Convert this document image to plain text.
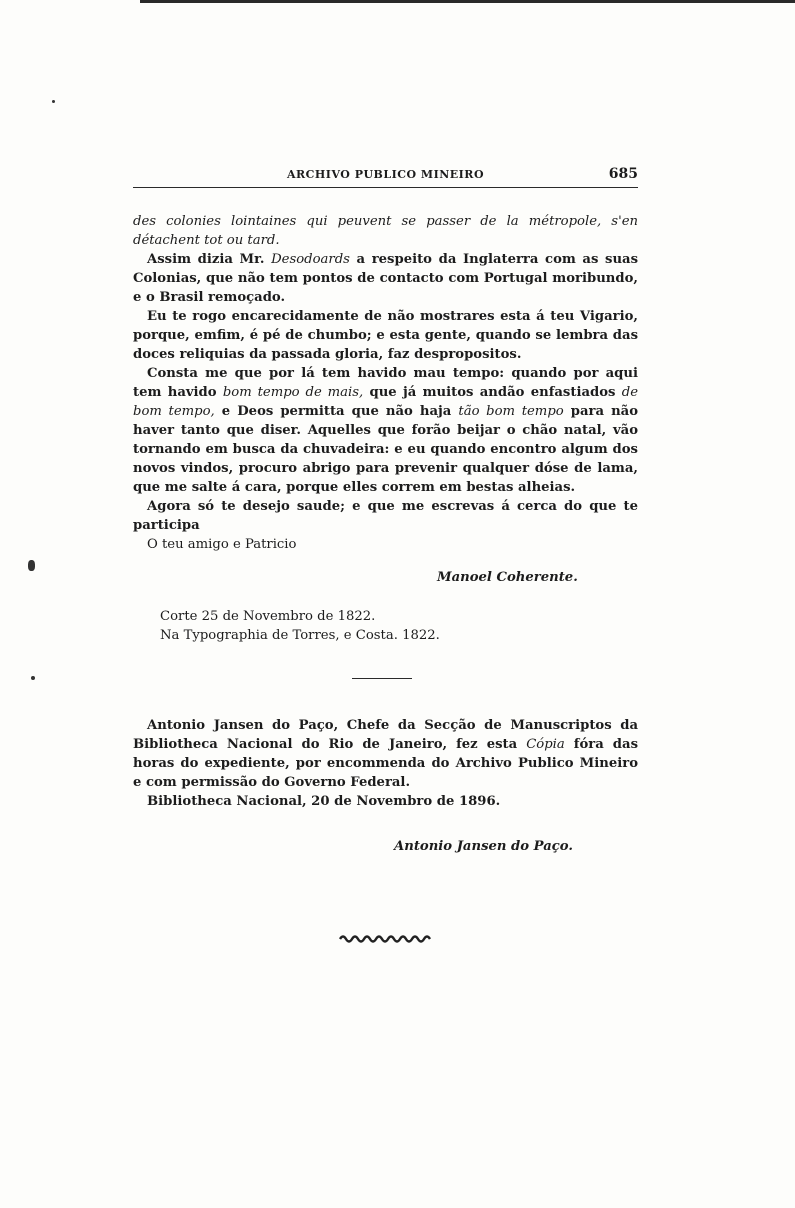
ARCHIVO PUBLICO MINEIRO	685

des colonies lointaines qui peuvent se passer de la métropole, s'en détachent tot ou tard.

Assim dizia Mr. Desodoards a respeito da Inglaterra com as suas Colonias, que não tem pontos de contacto com Portugal moribundo, e o Brasil remoçado.

Eu te rogo encarecidamente de não mostrares esta á teu Vigario, porque, emfim, é pé de chumbo; e esta gente, quando se lembra das doces reliquias da passada gloria, faz despropositos.

Consta me que por lá tem havido mau tempo: quando por aqui tem havido bom tempo de mais, que já muitos andão enfastiados de bom tempo, e Deos permitta que não haja tão bom tempo para não haver tanto que diser. Aquelles que forão beijar o chão natal, vão tornando em busca da chuvadeira: e eu quando encontro algum dos novos vindos, procuro abrigo para prevenir qualquer dóse de lama, que me salte á cara, porque elles correm em bestas alheias.

Agora só te desejo saude; e que me escrevas á cerca do que te participa

O teu amigo e Patricio

Manoel Coherente.
Corte 25 de Novembro de 1822.
Na Typographia de Torres, e Costa. 1822.

Antonio Jansen do Paço, Chefe da Secção de Manuscriptos da Bibliotheca Nacional do Rio de Janeiro, fez esta Cópia fóra das horas do expediente, por encommenda do Archivo Publico Mineiro e com permissão do Governo Federal.

Bibliotheca Nacional, 20 de Novembro de 1896.

Antonio Jansen do Paço.
